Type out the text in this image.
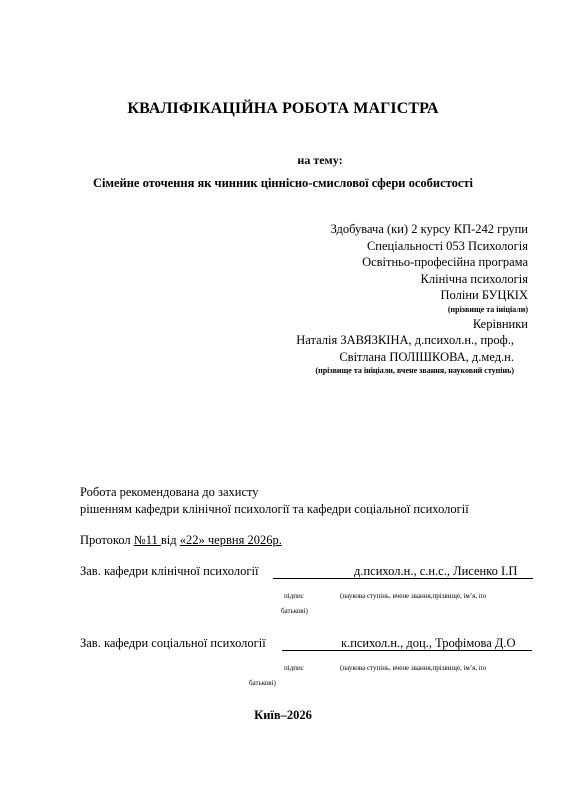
КВАЛІФІКАЦІЙНА РОБОТА МАГІСТРА
на тему:
Сімейне оточення як чинник ціннісно-смислової сфери особистості
Здобувача (ки) 2 курсу КП-242 групи
Спеціальності 053 Психологія
Освітньо-професійна програма
Клінічна психологія
Поліни БУЦКІХ
(прізвище та ініціали)
Керівники
Наталія ЗАВЯЗКІНА, д.психол.н., проф.,
Світлана ПОЛІШКОВА, д.мед.н.
(прізвище та ініціали, вчене звання, науковий ступінь)
Робота рекомендована до захисту
рішенням кафедри клінічної психології та кафедри соціальної психології
Протокол №11 від «22» червня 2026р.
Зав. кафедри клінічної психології	д.психол.н., с.н.с., Лисенко І.П
підпис	(наукова ступінь, вчене звання,прізвище, ім’я, по
батькові)
Зав. кафедри соціальної психології	к.психол.н., доц., Трофімова Д.О
підпис	(наукова ступінь, вчене звання,прізвище, ім’я, по
батькові)
Київ–2026
